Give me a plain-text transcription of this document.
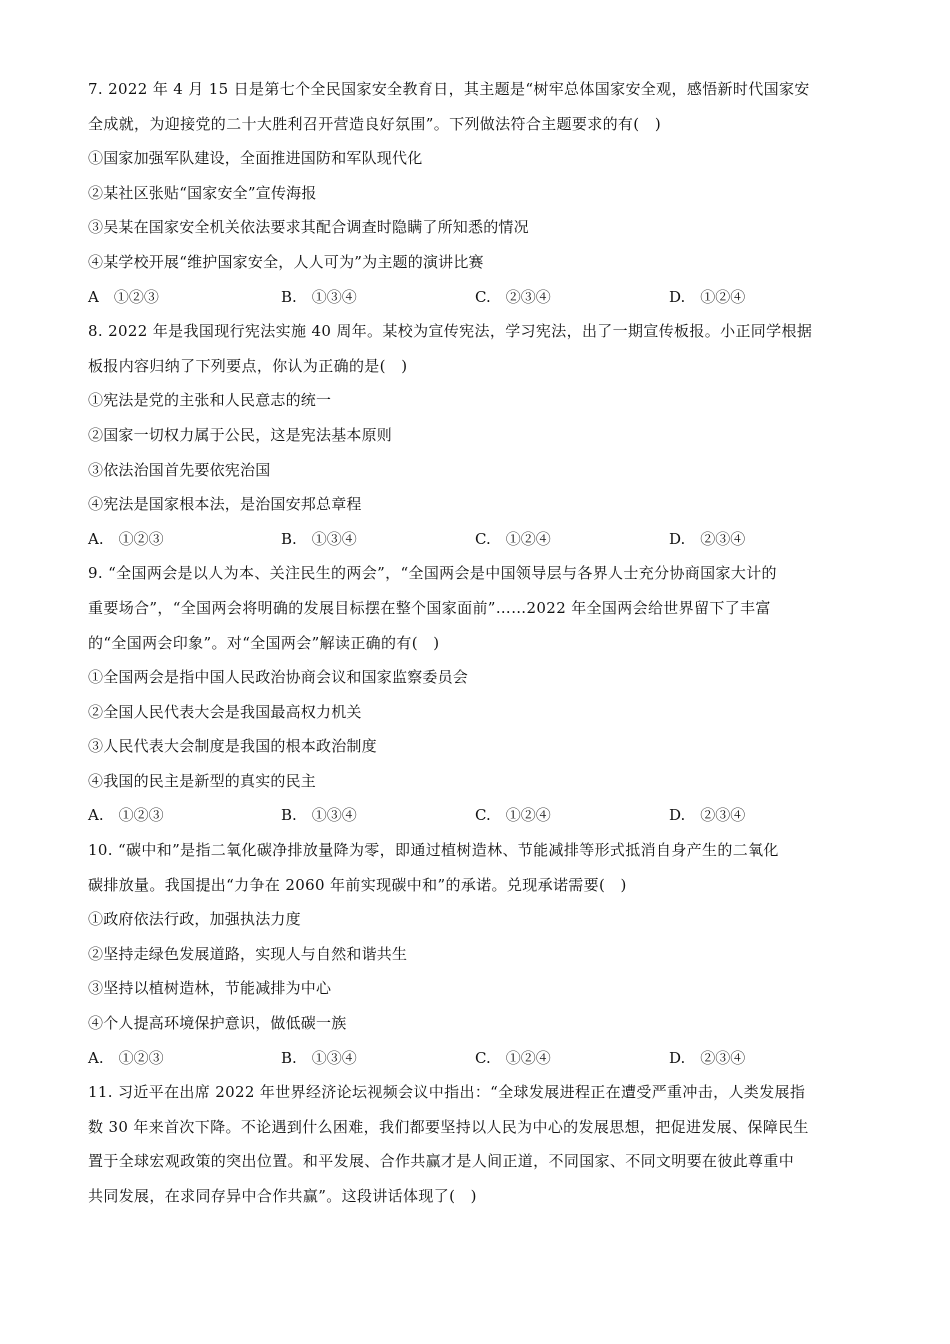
7. 2022 年 4 月 15 日是第七个全民国家安全教育日，其主题是“树牢总体国家安全观，感悟新时代国家安
全成就，为迎接党的二十大胜利召开营造良好氛围”。下列做法符合主题要求的有(　)
①国家加强军队建设，全面推进国防和军队现代化
②某社区张贴“国家安全”宣传海报
③吴某在国家安全机关依法要求其配合调查时隐瞒了所知悉的情况
④某学校开展“维护国家安全，人人可为”为主题的演讲比赛
A　①②③	B.　①③④	C.　②③④	D.　①②④
8. 2022 年是我国现行宪法实施 40 周年。某校为宣传宪法，学习宪法，出了一期宣传板报。小正同学根据
板报内容归纳了下列要点，你认为正确的是(　)
①宪法是党的主张和人民意志的统一
②国家一切权力属于公民，这是宪法基本原则
③依法治国首先要依宪治国
④宪法是国家根本法，是治国安邦总章程
A.　①②③	B.　①③④	C.　①②④	D.　②③④
9. “全国两会是以人为本、关注民生的两会”，“全国两会是中国领导层与各界人士充分协商国家大计的
重要场合”，“全国两会将明确的发展目标摆在整个国家面前”……2022 年全国两会给世界留下了丰富
的“全国两会印象”。对“全国两会”解读正确的有(　)
①全国两会是指中国人民政治协商会议和国家监察委员会
②全国人民代表大会是我国最高权力机关
③人民代表大会制度是我国的根本政治制度
④我国的民主是新型的真实的民主
A.　①②③	B.　①③④	C.　①②④	D.　②③④
10. “碳中和”是指二氧化碳净排放量降为零，即通过植树造林、节能减排等形式抵消自身产生的二氧化
碳排放量。我国提出“力争在 2060 年前实现碳中和”的承诺。兑现承诺需要(　)
①政府依法行政，加强执法力度
②坚持走绿色发展道路，实现人与自然和谐共生
③坚持以植树造林，节能减排为中心
④个人提高环境保护意识，做低碳一族
A.　①②③	B.　①③④	C.　①②④	D.　②③④
11. 习近平在出席 2022 年世界经济论坛视频会议中指出：“全球发展进程正在遭受严重冲击，人类发展指
数 30 年来首次下降。不论遇到什么困难，我们都要坚持以人民为中心的发展思想，把促进发展、保障民生
置于全球宏观政策的突出位置。和平发展、合作共赢才是人间正道，不同国家、不同文明要在彼此尊重中
共同发展，在求同存异中合作共赢”。这段讲话体现了(　)
